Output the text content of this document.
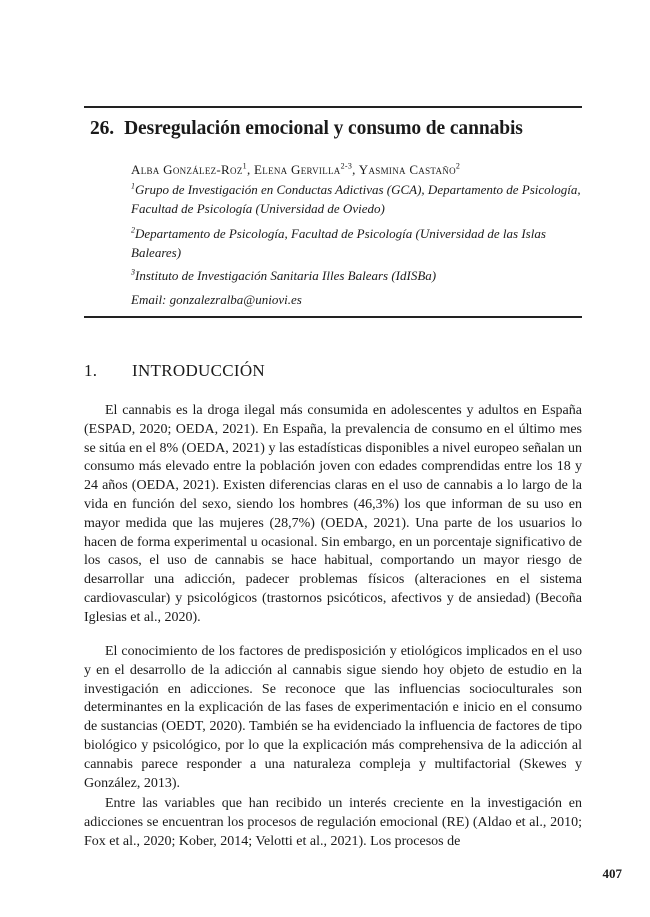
26. Desregulación emocional y consumo de cannabis
Alba González-Roz$^1$, Elena Gervilla$^{2-3}$, Yasmina Castaño$^2$
$^1$Grupo de Investigación en Conductas Adictivas (GCA), Departamento de Psicología, Facultad de Psicología (Universidad de Oviedo)
$^2$Departamento de Psicología, Facultad de Psicología (Universidad de las Islas Baleares)
$^3$Instituto de Investigación Sanitaria Illes Balears (IdISBa)
Email: gonzalezralba@uniovi.es
1. INTRODUCCIÓN

El cannabis es la droga ilegal más consumida en adolescentes y adultos en España (ESPAD, 2020; OEDA, 2021). En España, la prevalencia de consumo en el último mes se sitúa en el 8% (OEDA, 2021) y las estadísticas disponibles a nivel europeo señalan un consumo más elevado entre la población joven con edades comprendidas entre los 18 y 24 años (OEDA, 2021). Existen diferencias claras en el uso de cannabis a lo largo de la vida en función del sexo, siendo los hombres (46,3%) los que informan de su uso en mayor medida que las mujeres (28,7%) (OEDA, 2021). Una parte de los usuarios lo hacen de forma experimental u ocasional. Sin embargo, en un porcentaje significativo de los casos, el uso de cannabis se hace habitual, comportando un mayor riesgo de desarrollar una adicción, padecer problemas físicos (alteraciones en el sistema cardiovascular) y psicológicos (trastornos psicóticos, afectivos y de ansiedad) (Becoña Iglesias et al., 2020).

El conocimiento de los factores de predisposición y etiológicos implicados en el uso y en el desarrollo de la adicción al cannabis sigue siendo hoy objeto de estudio en la investigación en adicciones. Se reconoce que las influencias socioculturales son determinantes en la explicación de las fases de experimentación e inicio en el consumo de sustancias (OEDT, 2020). También se ha evidenciado la influencia de factores de tipo biológico y psicológico, por lo que la explicación más comprehensiva de la adicción al cannabis parece responder a una naturaleza compleja y multifactorial (Skewes y González, 2013).

Entre las variables que han recibido un interés creciente en la investigación en adicciones se encuentran los procesos de regulación emocional (RE) (Aldao et al., 2010; Fox et al., 2020; Kober, 2014; Velotti et al., 2021). Los procesos de

407
